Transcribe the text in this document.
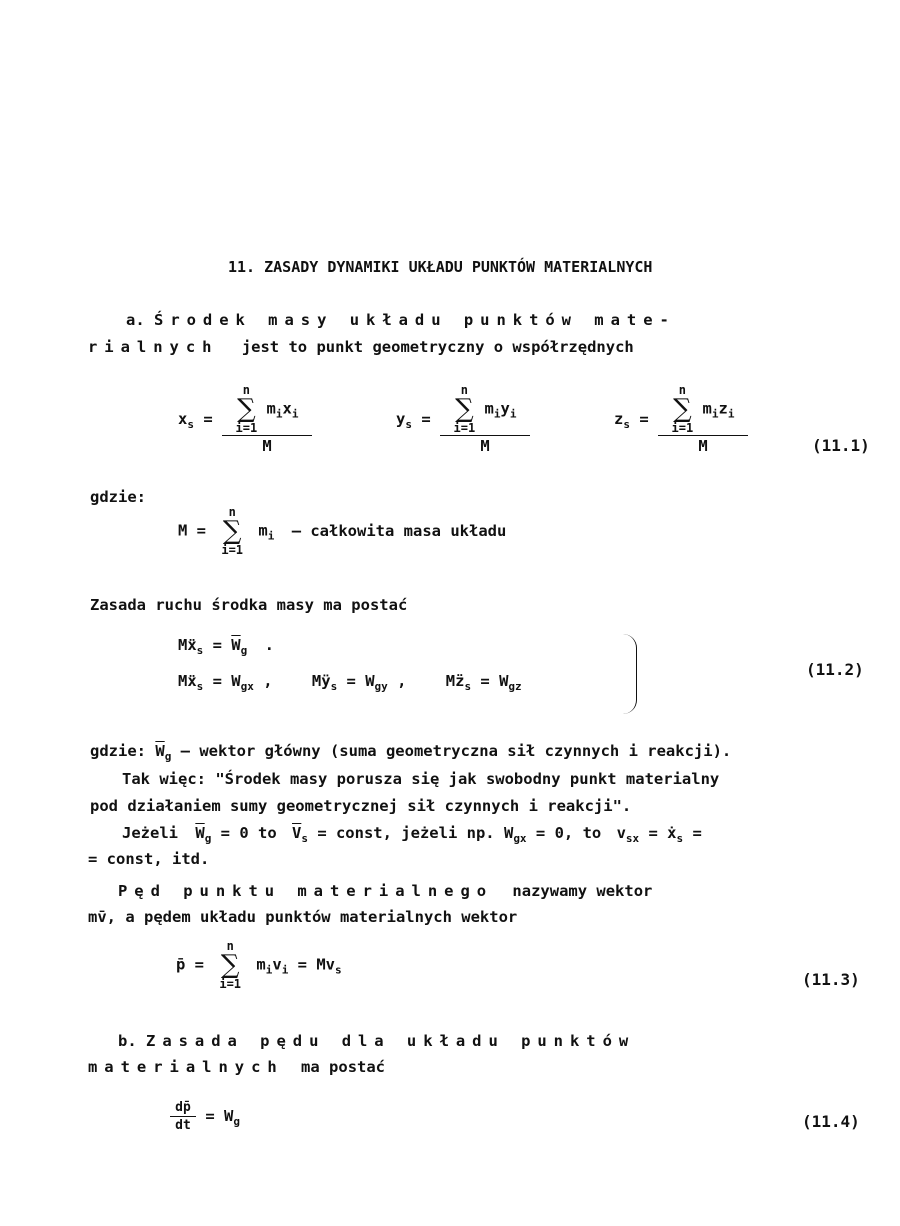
11. ZASADY DYNAMIKI UKŁADU PUNKTÓW MATERIALNYCH
a. Środek masy układu punktów mate-
rialnych jest to punkt geometryczny o współrzędnych
$x_s = n$
∑
i=1
$m_ix_i$
M	$y_s = n$
∑
i=1
$m_iy_i$
M	$z_s = n$
∑
i=1
$m_iz_i$
M	(11.1)
gdzie:
M =
n
∑
i=1
$m_i$ – całkowita masa układu
Zasada ruchu środka masy ma postać
Mẍ$_s$ = $\overline{W}_g$ .
Mẍ$_s$ = $W_{gx}$ , $Mÿ_s = W_{gy}$ , $Mz̈_s = W_{gz}$
(11.2)
gdzie: $\overline{W}_g$ – wektor główny (suma geometryczna sił czynnych i reakcji).
Tak więc: "Środek masy porusza się jak swobodny punkt materialny
pod działaniem sumy geometrycznej sił czynnych i reakcji".
Jeżeli $\overline{W}_g = 0$ to $\overline{V}_s$ = const, jeżeli np. $W_{gx} = 0$, to $v_{sx}$ = ẋ$_s$ =
= const, itd.
Pęd punktu materialnego nazywamy wektor
mv̄, a pędem układu punktów materialnych wektor
p̄ =
n
∑
i=1
$m_iv_i = Mv_s$	(11.3)
b. Zasada pędu dla układu punktów
materialnych ma postać
$\frac{dp̄}{dt} = W_g$	(11.4)
